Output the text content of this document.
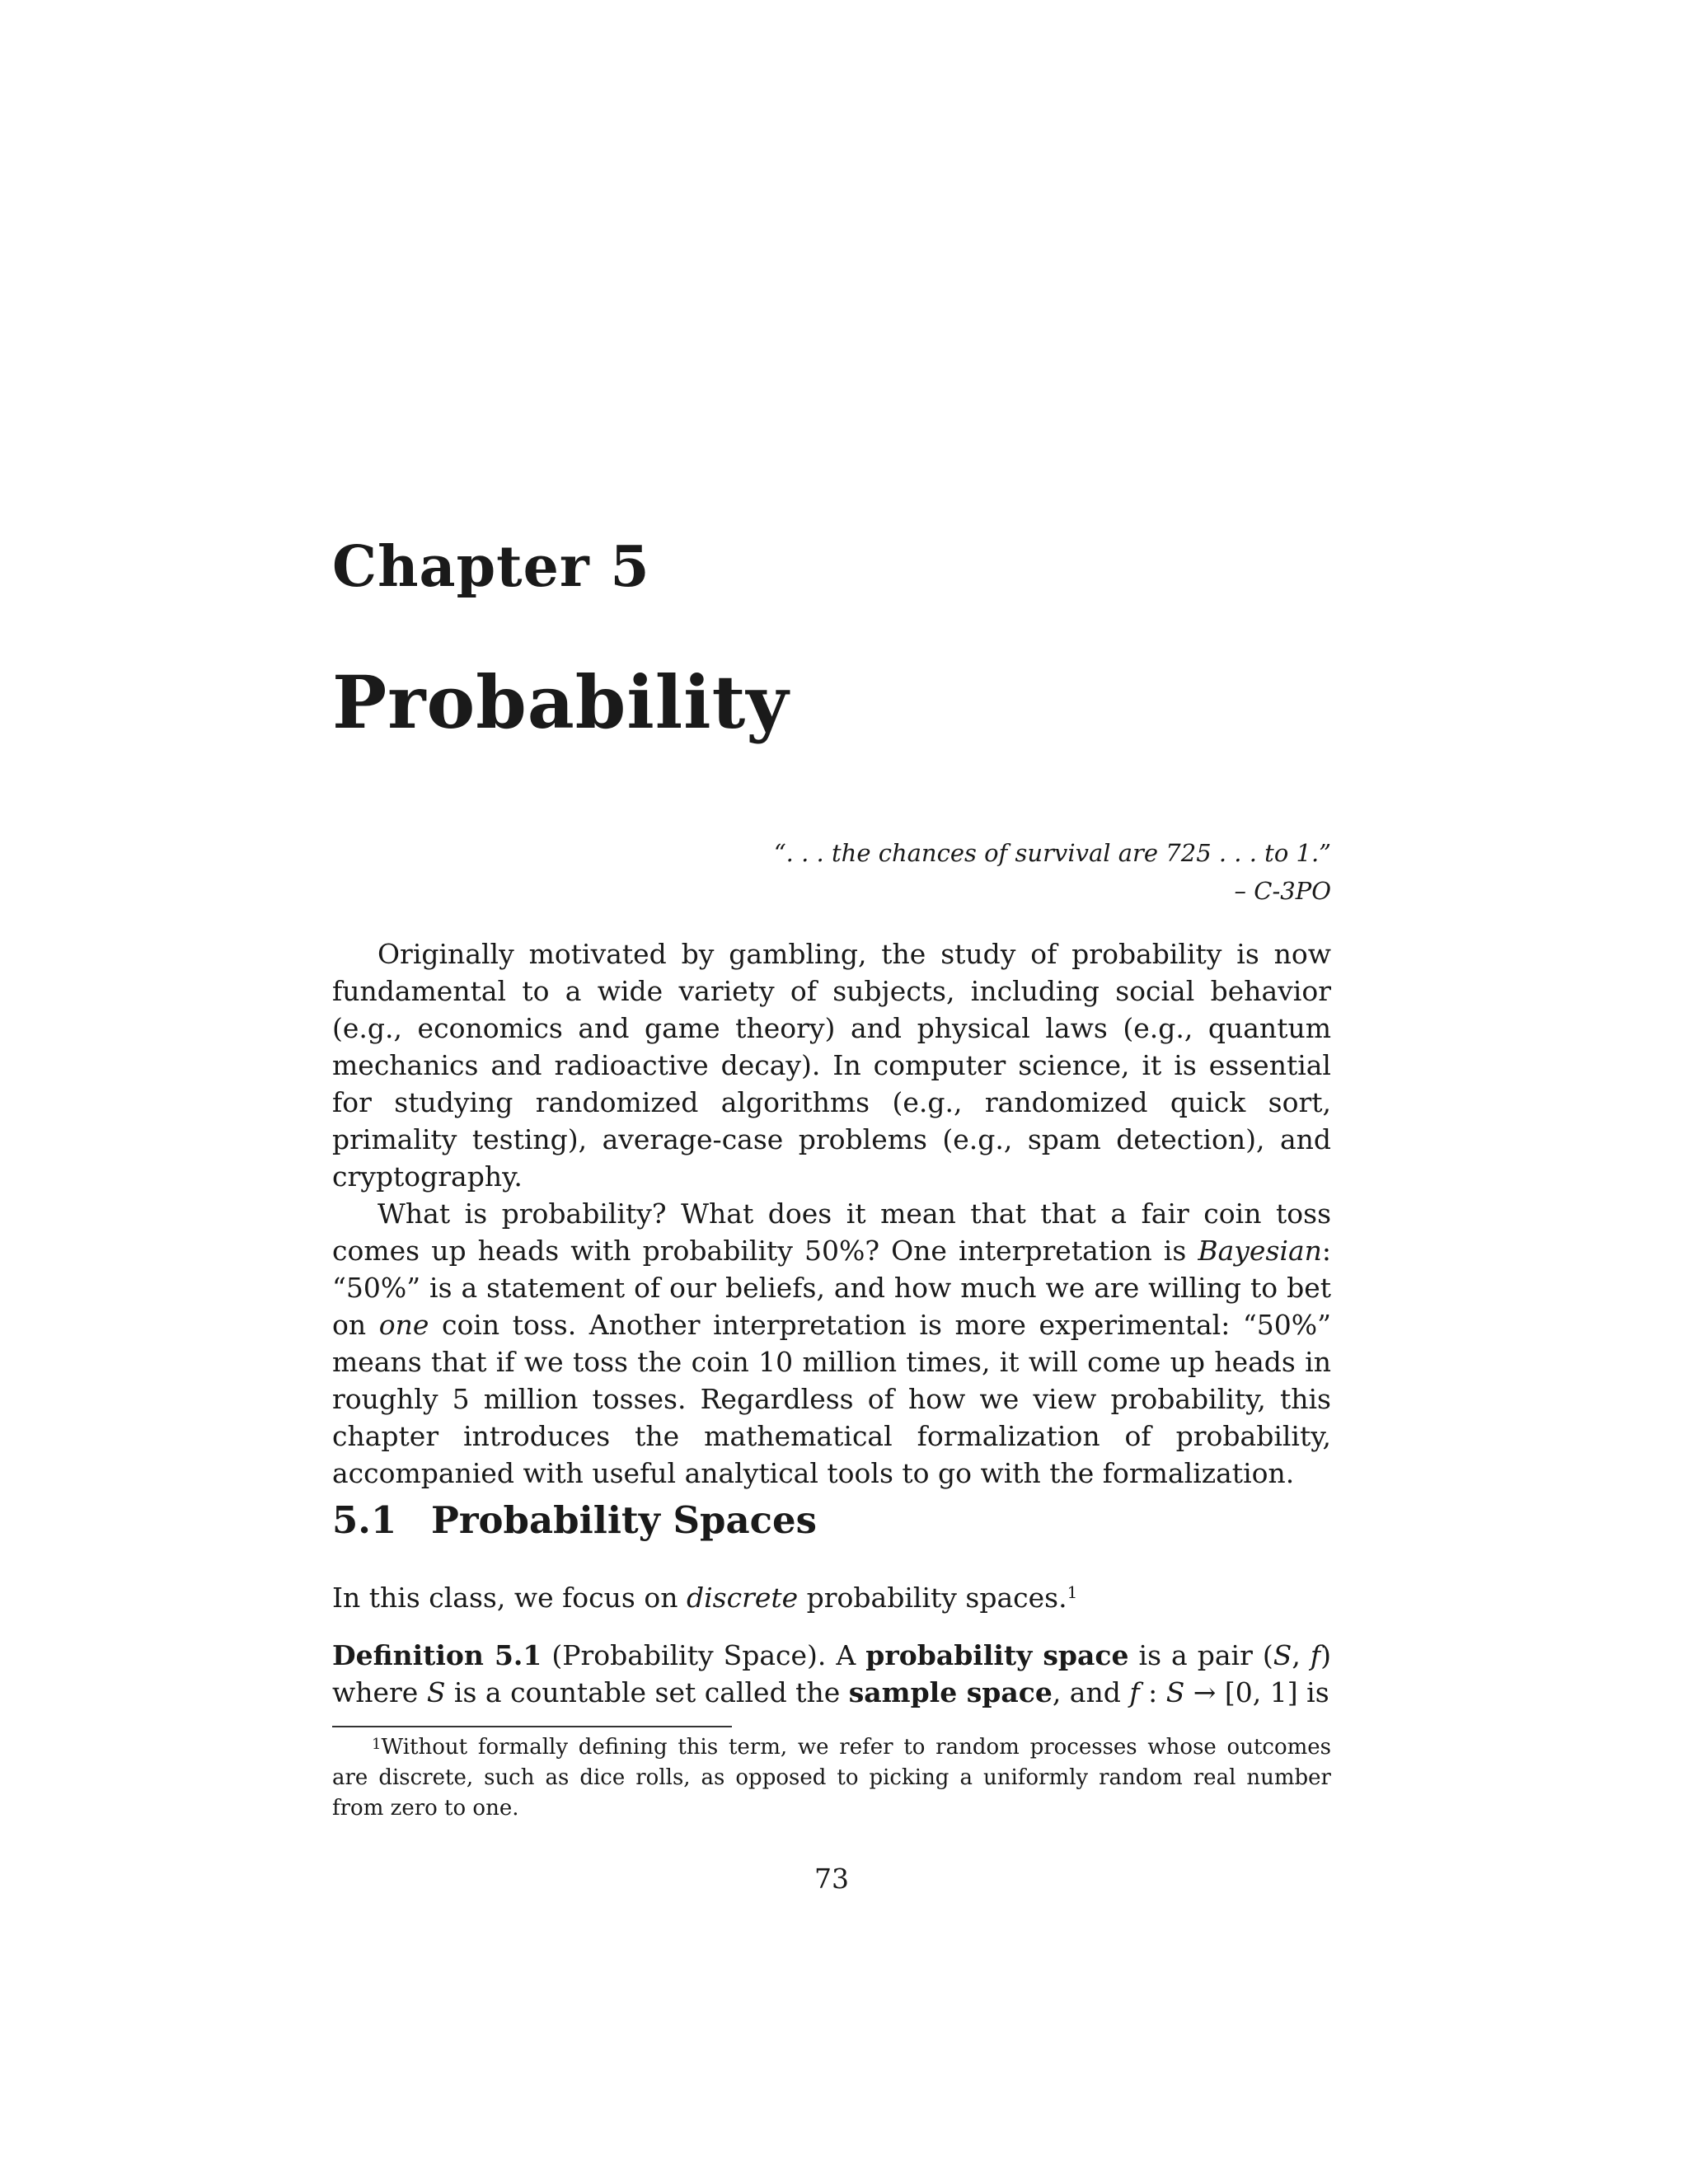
Chapter 5
Probability
“. . . the chances of survival are 725 . . . to 1.”
– C-3PO

Originally motivated by gambling, the study of probability is now fundamental to a wide variety of subjects, including social behavior (e.g., economics and game theory) and physical laws (e.g., quantum mechanics and radioactive decay). In computer science, it is essential for studying randomized algorithms (e.g., randomized quick sort, primality testing), average-case problems (e.g., spam detection), and cryptography.

What is probability? What does it mean that that a fair coin toss comes up heads with probability 50%? One interpretation is Bayesian: “50%” is a statement of our beliefs, and how much we are willing to bet on one coin toss. Another interpretation is more experimental: “50%” means that if we toss the coin 10 million times, it will come up heads in roughly 5 million tosses. Regardless of how we view probability, this chapter introduces the mathematical formalization of probability, accompanied with useful analytical tools to go with the formalization.

5.1 Probability Spaces

In this class, we focus on discrete probability spaces.$^1$

Definition 5.1 (Probability Space). A probability space is a pair (S, f) where S is a countable set called the sample space, and f : S → [0, 1] is

$^1$Without formally defining this term, we refer to random processes whose outcomes are discrete, such as dice rolls, as opposed to picking a uniformly random real number from zero to one.
73
